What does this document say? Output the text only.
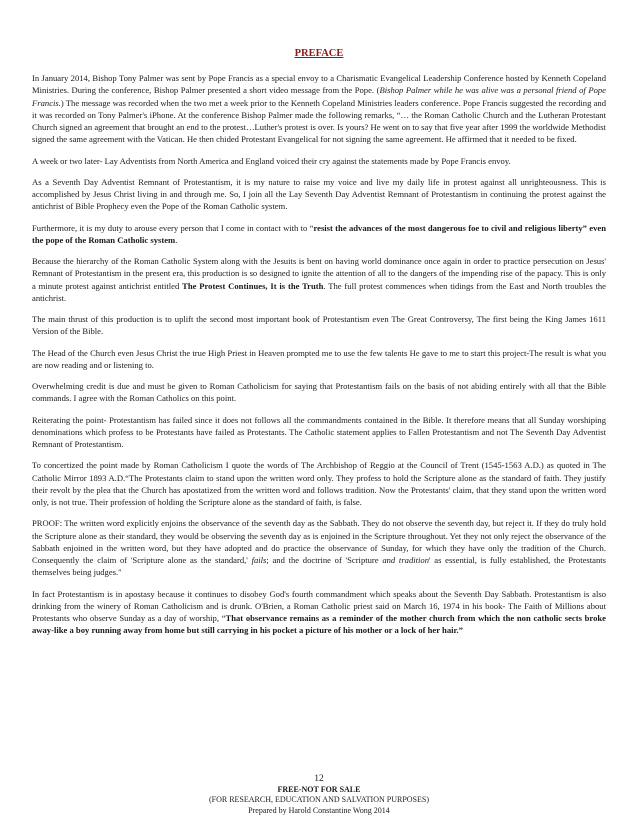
PREFACE

In January 2014, Bishop Tony Palmer was sent by Pope Francis as a special envoy to a Charismatic Evangelical Leadership Conference hosted by Kenneth Copeland Ministries. During the conference, Bishop Palmer presented a short video message from the Pope. (Bishop Palmer while he was alive was a personal friend of Pope Francis.) The message was recorded when the two met a week prior to the Kenneth Copeland Ministries leaders conference. Pope Francis suggested the recording and it was recorded on Tony Palmer's iPhone. At the conference Bishop Palmer made the following remarks, “… the Roman Catholic Church and the Lutheran Protestant Church signed an agreement that brought an end to the protest…Luther's protest is over. Is yours? He went on to say that five year after 1999 the worldwide Methodist signed the same agreement with the Vatican. He then chided Protestant Evangelical for not signing the same agreement. He affirmed that it needed to be fixed.

A week or two later- Lay Adventists from North America and England voiced their cry against the statements made by Pope Francis envoy.

As a Seventh Day Adventist Remnant of Protestantism, it is my nature to raise my voice and live my daily life in protest against all unrighteousness. This is accomplished by Jesus Christ living in and through me. So, I join all the Lay Seventh Day Adventist Remnant of Protestantism in continuing the protest against the antichrist of Bible Prophecy even the Pope of the Roman Catholic system.

Furthermore, it is my duty to arouse every person that I come in contact with to “resist the advances of the most dangerous foe to civil and religious liberty” even the pope of the Roman Catholic system.

Because the hierarchy of the Roman Catholic System along with the Jesuits is bent on having world dominance once again in order to practice persecution on Jesus' Remnant of Protestantism in the present era, this production is so designed to ignite the attention of all to the dangers of the impending rise of the papacy. This is only a minute protest against antichrist entitled The Protest Continues, It is the Truth. The full protest commences when tidings from the East and North troubles the antichrist.

The main thrust of this production is to uplift the second most important book of Protestantism even The Great Controversy, The first being the King James 1611 Version of the Bible.

The Head of the Church even Jesus Christ the true High Priest in Heaven prompted me to use the few talents He gave to me to start this project-The result is what you are now reading and or listening to.

Overwhelming credit is due and must be given to Roman Catholicism for saying that Protestantism fails on the basis of not abiding entirely with all that the Bible commands. I agree with the Roman Catholics on this point.

Reiterating the point- Protestantism has failed since it does not follows all the commandments contained in the Bible. It therefore means that all Sunday worshiping denominations which profess to be Protestants have failed as Protestants. The Catholic statement applies to Fallen Protestantism and not The Seventh Day Adventist Remnant of Protestantism.

To concertized the point made by Roman Catholicism I quote the words of The Archbishop of Reggio at the Council of Trent (1545-1563 A.D.) as quoted in The Catholic Mirror 1893 A.D.“The Protestants claim to stand upon the written word only. They profess to hold the Scripture alone as the standard of faith. They justify their revolt by the plea that the Church has apostatized from the written word and follows tradition. Now the Protestants' claim, that they stand upon the written word only, is not true. Their profession of holding the Scripture alone as the standard of faith, is false.

PROOF: The written word explicitly enjoins the observance of the seventh day as the Sabbath. They do not observe the seventh day, but reject it. If they do truly hold the Scripture alone as their standard, they would be observing the seventh day as is enjoined in the Scripture throughout. Yet they not only reject the observance of the Sabbath enjoined in the written word, but they have adopted and do practice the observance of Sunday, for which they have only the tradition of the Church. Consequently the claim of 'Scripture alone as the standard,' fails; and the doctrine of 'Scripture and tradition' as essential, is fully established, the Protestants themselves being judges."

In fact Protestantism is in apostasy because it continues to disobey God's fourth commandment which speaks about the Seventh Day Sabbath. Protestantism is also drinking from the winery of Roman Catholicism and is drunk. O'Brien, a Roman Catholic priest said on March 16, 1974 in his book- The Faith of Millions about Protestants who observe Sunday as a day of worship, “That observance remains as a reminder of the mother church from which the non catholic sects broke away-like a boy running away from home but still carrying in his pocket a picture of his mother or a lock of her hair.”

12
FREE-NOT FOR SALE
(FOR RESEARCH, EDUCATION AND SALVATION PURPOSES)
Prepared by Harold Constantine Wong 2014
